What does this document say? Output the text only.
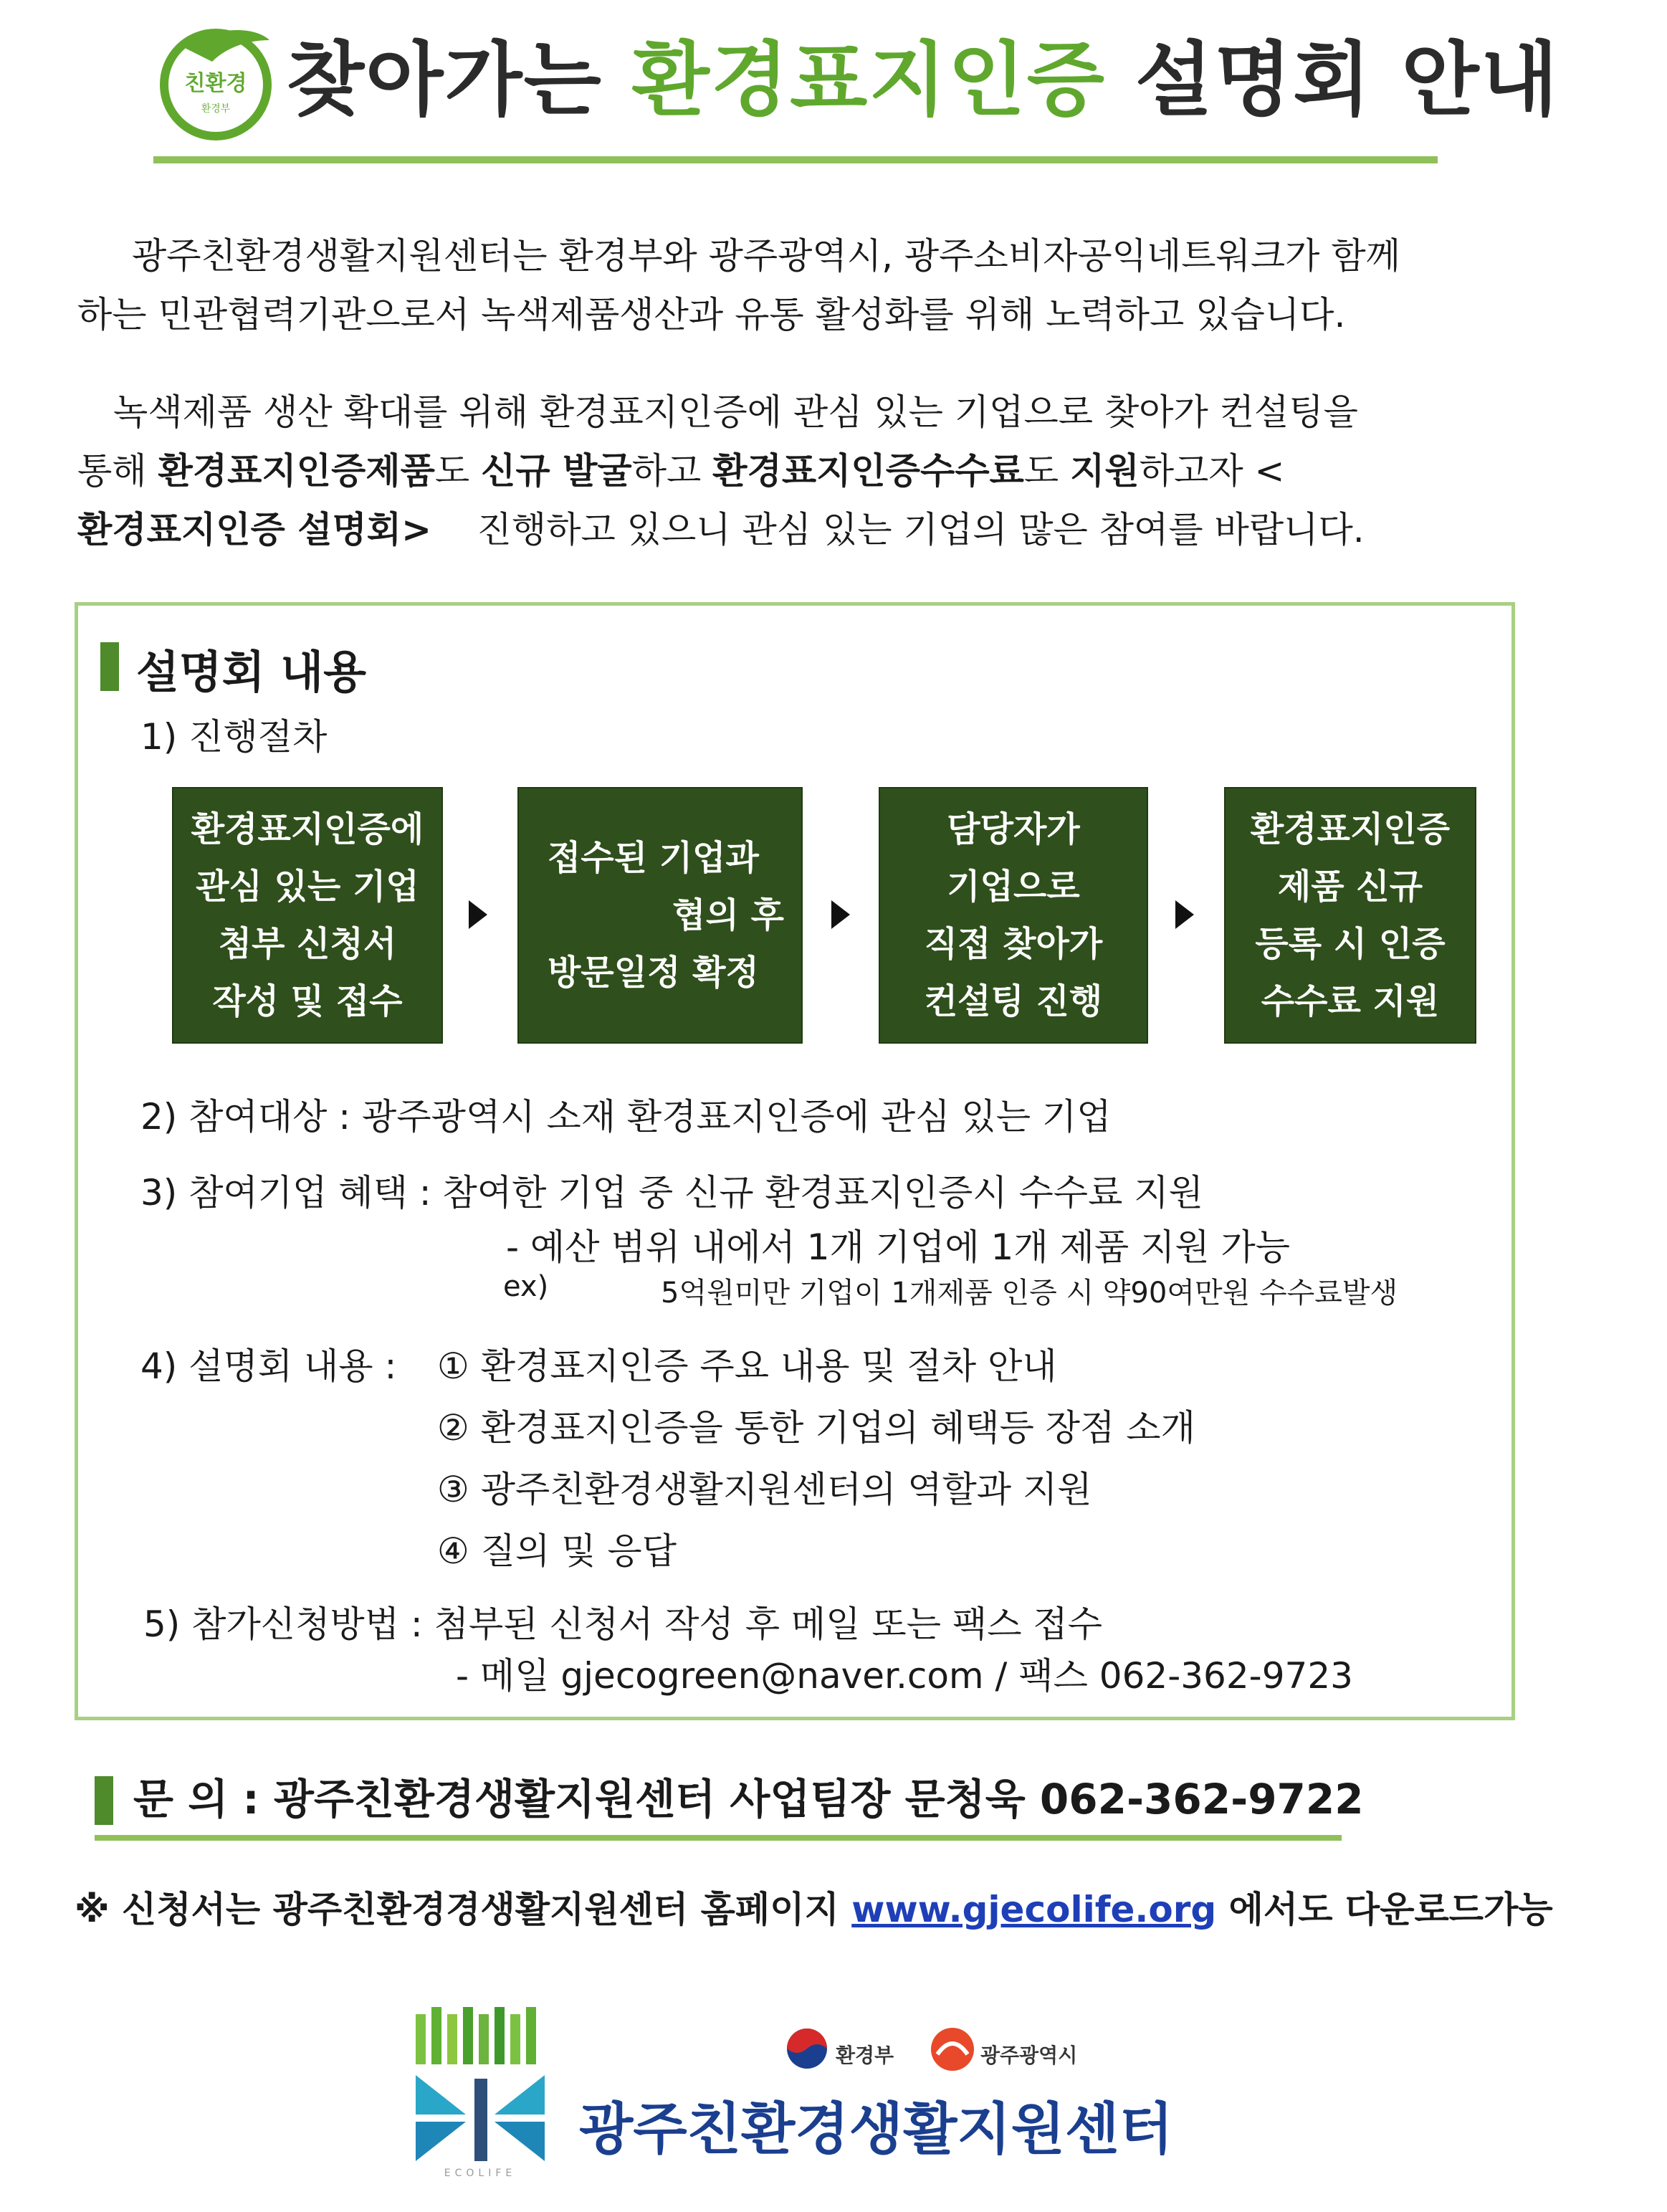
친환경
환경부 찾아가는 환경표지인증 설명회 안내
광주친환경생활지원센터는 환경부와 광주광역시, 광주소비자공익네트워크가 함께
하는 민관협력기관으로서 녹색제품생산과 유통 활성화를 위해 노력하고 있습니다.
녹색제품 생산 확대를 위해 환경표지인증에 관심 있는 기업으로 찾아가 컨설팅을
통해 환경표지인증제품도 신규 발굴하고 환경표지인증수수료도 지원하고자 <
환경표지인증 설명회>    진행하고 있으니 관심 있는 기업의 많은 참여를 바랍니다.
설명회 내용
1) 진행절차
환경표지인증에
관심 있는 기업
첨부 신청서
작성 및 접수
접수된 기업과
협의 후
방문일정 확정
담당자가
기업으로
직접 찾아가
컨설팅 진행
환경표지인증
제품 신규
등록 시 인증
수수료 지원
2) 참여대상 : 광주광역시 소재 환경표지인증에 관심 있는 기업
3) 참여기업 혜택 : 참여한 기업 중 신규 환경표지인증시 수수료 지원
- 예산 범위 내에서 1개 기업에 1개 제품 지원 가능
ex)	5억원미만 기업이 1개제품 인증 시 약90여만원 수수료발생
4) 설명회 내용 : ① 환경표지인증 주요 내용 및 절차 안내
② 환경표지인증을 통한 기업의 혜택등 장점 소개
③ 광주친환경생활지원센터의 역할과 지원
④ 질의 및 응답
5) 참가신청방법 : 첨부된 신청서 작성 후 메일 또는 팩스 접수
- 메일 gjecogreen@naver.com / 팩스 062-362-9723
문 의 : 광주친환경생활지원센터 사업팀장 문청욱 062-362-9722
※ 신청서는 광주친환경경생활지원센터 홈페이지 www.gjecolife.org 에서도 다운로드가능
ECOLIFE
환경부	광주광역시
광주친환경생활지원센터
